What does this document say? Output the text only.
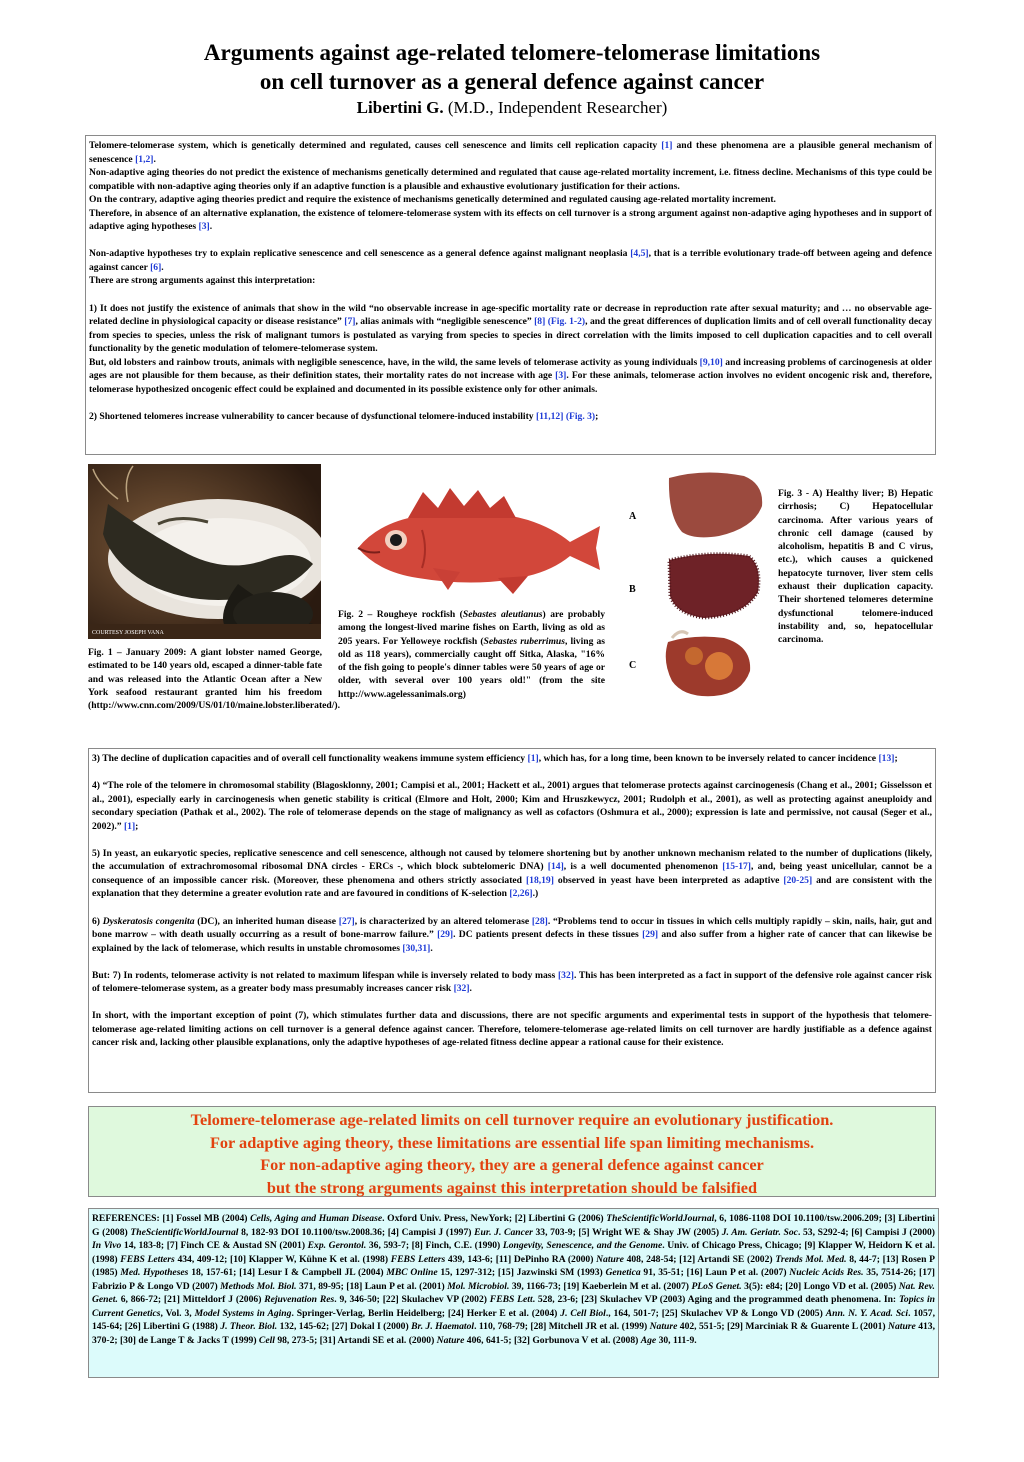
Arguments against age-related telomere-telomerase limitations
on cell turnover as a general defence against cancer
Libertini G. (M.D., Independent Researcher)

Telomere-telomerase system, which is genetically determined and regulated, causes cell senescence and limits cell replication capacity [1] and these phenomena are a plausible general mechanism of senescence [1,2].

Non-adaptive aging theories do not predict the existence of mechanisms genetically determined and regulated that cause age-related mortality increment, i.e. fitness decline. Mechanisms of this type could be compatible with non-adaptive aging theories only if an adaptive function is a plausible and exhaustive evolutionary justification for their actions.

On the contrary, adaptive aging theories predict and require the existence of mechanisms genetically determined and regulated causing age-related mortality increment.

Therefore, in absence of an alternative explanation, the existence of telomere-telomerase system with its effects on cell turnover is a strong argument against non-adaptive aging hypotheses and in support of adaptive aging hypotheses [3].

Non-adaptive hypotheses try to explain replicative senescence and cell senescence as a general defence against malignant neoplasia [4,5], that is a terrible evolutionary trade-off between ageing and defence against cancer [6].

There are strong arguments against this interpretation:

1) It does not justify the existence of animals that show in the wild “no observable increase in age-specific mortality rate or decrease in reproduction rate after sexual maturity; and … no observable age-related decline in physiological capacity or disease resistance” [7], alias animals with “negligible senescence” [8] (Fig. 1-2), and the great differences of duplication limits and of cell overall functionality decay from species to species, unless the risk of malignant tumors is postulated as varying from species to species in direct correlation with the limits imposed to cell duplication capacities and to cell overall functionality by the genetic modulation of telomere-telomerase system.

But, old lobsters and rainbow trouts, animals with negligible senescence, have, in the wild, the same levels of telomerase activity as young individuals [9,10] and increasing problems of carcinogenesis at older ages are not plausible for them because, as their definition states, their mortality rates do not increase with age [3]. For these animals, telomerase action involves no evident oncogenic risk and, therefore, telomerase hypothesized oncogenic effect could be explained and documented in its possible existence only for other animals.

2) Shortened telomeres increase vulnerability to cancer because of dysfunctional telomere-induced instability [11,12] (Fig. 3);

COURTESY JOSEPH VANA
Fig. 1 – January 2009: A giant lobster named George, estimated to be 140 years old, escaped a dinner-table fate and was released into the Atlantic Ocean after a New York seafood restaurant granted him his freedom (http://www.cnn.com/2009/US/01/10/maine.lobster.liberated/).
Fig. 2 – Rougheye rockfish (Sebastes aleutianus) are probably among the longest-lived marine fishes on Earth, living as old as 205 years. For Yelloweye rockfish (Sebastes ruberrimus, living as old as 118 years), commercially caught off Sitka, Alaska, "16% of the fish going to people's dinner tables were 50 years of age or older, with several over 100 years old!" (from the site http://www.agelessanimals.org)
A
B
C
Fig. 3 - A) Healthy liver; B) Hepatic cirrhosis; C) Hepatocellular carcinoma. After various years of chronic cell damage (caused by alcoholism, hepatitis B and C virus, etc.), which causes a quickened hepatocyte turnover, liver stem cells exhaust their duplication capacity. Their shortened telomeres determine dysfunctional telomere-induced instability and, so, hepatocellular carcinoma.

3) The decline of duplication capacities and of overall cell functionality weakens immune system efficiency [1], which has, for a long time, been known to be inversely related to cancer incidence [13];

4) “The role of the telomere in chromosomal stability (Blagosklonny, 2001; Campisi et al., 2001; Hackett et al., 2001) argues that telomerase protects against carcinogenesis (Chang et al., 2001; Gisselsson et al., 2001), especially early in carcinogenesis when genetic stability is critical (Elmore and Holt, 2000; Kim and Hruszkewycz, 2001; Rudolph et al., 2001), as well as protecting against aneuploidy and secondary speciation (Pathak et al., 2002). The role of telomerase depends on the stage of malignancy as well as cofactors (Oshmura et al., 2000); expression is late and permissive, not causal (Seger et al., 2002).” [1];

5) In yeast, an eukaryotic species, replicative senescence and cell senescence, although not caused by telomere shortening but by another unknown mechanism related to the number of duplications (likely, the accumulation of extrachromosomal ribosomal DNA circles - ERCs -, which block subtelomeric DNA) [14], is a well documented phenomenon [15-17], and, being yeast unicellular, cannot be a consequence of an impossible cancer risk. (Moreover, these phenomena and others strictly associated [18,19] observed in yeast have been interpreted as adaptive [20-25] and are consistent with the explanation that they determine a greater evolution rate and are favoured in conditions of K-selection [2,26].)

6) Dyskeratosis congenita (DC), an inherited human disease [27], is characterized by an altered telomerase [28]. “Problems tend to occur in tissues in which cells multiply rapidly – skin, nails, hair, gut and bone marrow – with death usually occurring as a result of bone-marrow failure.” [29]. DC patients present defects in these tissues [29] and also suffer from a higher rate of cancer that can likewise be explained by the lack of telomerase, which results in unstable chromosomes [30,31].

But: 7) In rodents, telomerase activity is not related to maximum lifespan while is inversely related to body mass [32]. This has been interpreted as a fact in support of the defensive role against cancer risk of telomere-telomerase system, as a greater body mass presumably increases cancer risk [32].

In short, with the important exception of point (7), which stimulates further data and discussions, there are not specific arguments and experimental tests in support of the hypothesis that telomere-telomerase age-related limiting actions on cell turnover is a general defence against cancer. Therefore, telomere-telomerase age-related limits on cell turnover are hardly justifiable as a defence against cancer risk and, lacking other plausible explanations, only the adaptive hypotheses of age-related fitness decline appear a rational cause for their existence.

Telomere-telomerase age-related limits on cell turnover require an evolutionary justification.
For adaptive aging theory, these limitations are essential life span limiting mechanisms.
For non-adaptive aging theory, they are a general defence against cancer
but the strong arguments against this interpretation should be falsified
REFERENCES: [1] Fossel MB (2004) Cells, Aging and Human Disease. Oxford Univ. Press, NewYork; [2] Libertini G (2006) TheScientificWorldJournal, 6, 1086-1108 DOI 10.1100/tsw.2006.209; [3] Libertini G (2008) TheScientificWorldJournal 8, 182-93 DOI 10.1100/tsw.2008.36; [4] Campisi J (1997) Eur. J. Cancer 33, 703-9; [5] Wright WE & Shay JW (2005) J. Am. Geriatr. Soc. 53, S292-4; [6] Campisi J (2000) In Vivo 14, 183-8; [7] Finch CE & Austad SN (2001) Exp. Gerontol. 36, 593-7; [8] Finch, C.E. (1990) Longevity, Senescence, and the Genome. Univ. of Chicago Press, Chicago; [9] Klapper W, Heidorn K et al. (1998) FEBS Letters 434, 409-12; [10] Klapper W, Kühne K et al. (1998) FEBS Letters 439, 143-6; [11] DePinho RA (2000) Nature 408, 248-54; [12] Artandi SE (2002) Trends Mol. Med. 8, 44-7; [13] Rosen P (1985) Med. Hypotheses 18, 157-61; [14] Lesur I & Campbell JL (2004) MBC Online 15, 1297-312; [15] Jazwinski SM (1993) Genetica 91, 35-51; [16] Laun P et al. (2007) Nucleic Acids Res. 35, 7514-26; [17] Fabrizio P & Longo VD (2007) Methods Mol. Biol. 371, 89-95; [18] Laun P et al. (2001) Mol. Microbiol. 39, 1166-73; [19] Kaeberlein M et al. (2007) PLoS Genet. 3(5): e84; [20] Longo VD et al. (2005) Nat. Rev. Genet. 6, 866-72; [21] Mitteldorf J (2006) Rejuvenation Res. 9, 346-50; [22] Skulachev VP (2002) FEBS Lett. 528, 23-6; [23] Skulachev VP (2003) Aging and the programmed death phenomena. In: Topics in Current Genetics, Vol. 3, Model Systems in Aging. Springer-Verlag, Berlin Heidelberg; [24] Herker E et al. (2004) J. Cell Biol., 164, 501-7; [25] Skulachev VP & Longo VD (2005) Ann. N. Y. Acad. Sci. 1057, 145-64; [26] Libertini G (1988) J. Theor. Biol. 132, 145-62; [27] Dokal I (2000) Br. J. Haematol. 110, 768-79; [28] Mitchell JR et al. (1999) Nature 402, 551-5; [29] Marciniak R & Guarente L (2001) Nature 413, 370-2; [30] de Lange T & Jacks T (1999) Cell 98, 273-5; [31] Artandi SE et al. (2000) Nature 406, 641-5; [32] Gorbunova V et al. (2008) Age 30, 111-9.
